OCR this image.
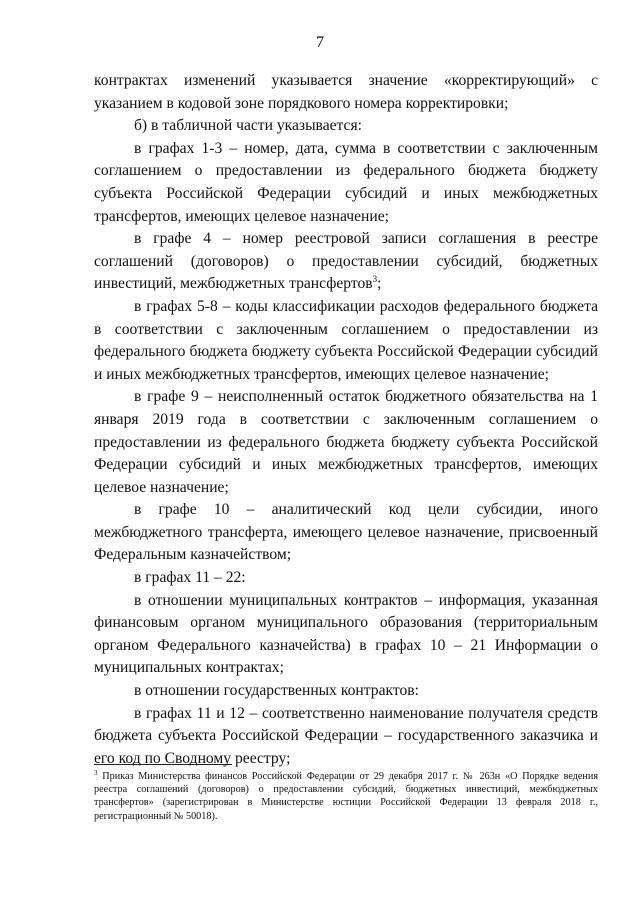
7

контрактах изменений указывается значение «корректирующий» с указанием в кодовой зоне порядкового номера корректировки;

б) в табличной части указывается:

в графах 1-3 – номер, дата, сумма в соответствии с заключенным соглашением о предоставлении из федерального бюджета бюджету субъекта Российской Федерации субсидий и иных межбюджетных трансфертов, имеющих целевое назначение;

в графе 4 – номер реестровой записи соглашения в реестре соглашений (договоров) о предоставлении субсидий, бюджетных инвестиций, межбюджетных трансфертов$^3$;

в графах 5-8 – коды классификации расходов федерального бюджета в соответствии с заключенным соглашением о предоставлении из федерального бюджета бюджету субъекта Российской Федерации субсидий и иных межбюджетных трансфертов, имеющих целевое назначение;

в графе 9 – неисполненный остаток бюджетного обязательства на 1 января 2019 года в соответствии с заключенным соглашением о предоставлении из федерального бюджета бюджету субъекта Российской Федерации субсидий и иных межбюджетных трансфертов, имеющих целевое назначение;

в графе 10 – аналитический код цели субсидии, иного межбюджетного трансферта, имеющего целевое назначение, присвоенный Федеральным казначейством;

в графах 11 – 22:

в отношении муниципальных контрактов – информация, указанная финансовым органом муниципального образования (территориальным органом Федерального казначейства) в графах 10 – 21 Информации о муниципальных контрактах;

в отношении государственных контрактов:

в графах 11 и 12 – соответственно наименование получателя средств бюджета субъекта Российской Федерации – государственного заказчика и его код по Сводному реестру;

$^3$ Приказ Министерства финансов Российской Федерации от 29 декабря 2017 г. № 263н «О Порядке ведения реестра соглашений (договоров) о предоставлении субсидий, бюджетных инвестиций, межбюджетных трансфертов» (зарегистрирован в Министерстве юстиции Российской Федерации 13 февраля 2018 г., регистрационный № 50018).
